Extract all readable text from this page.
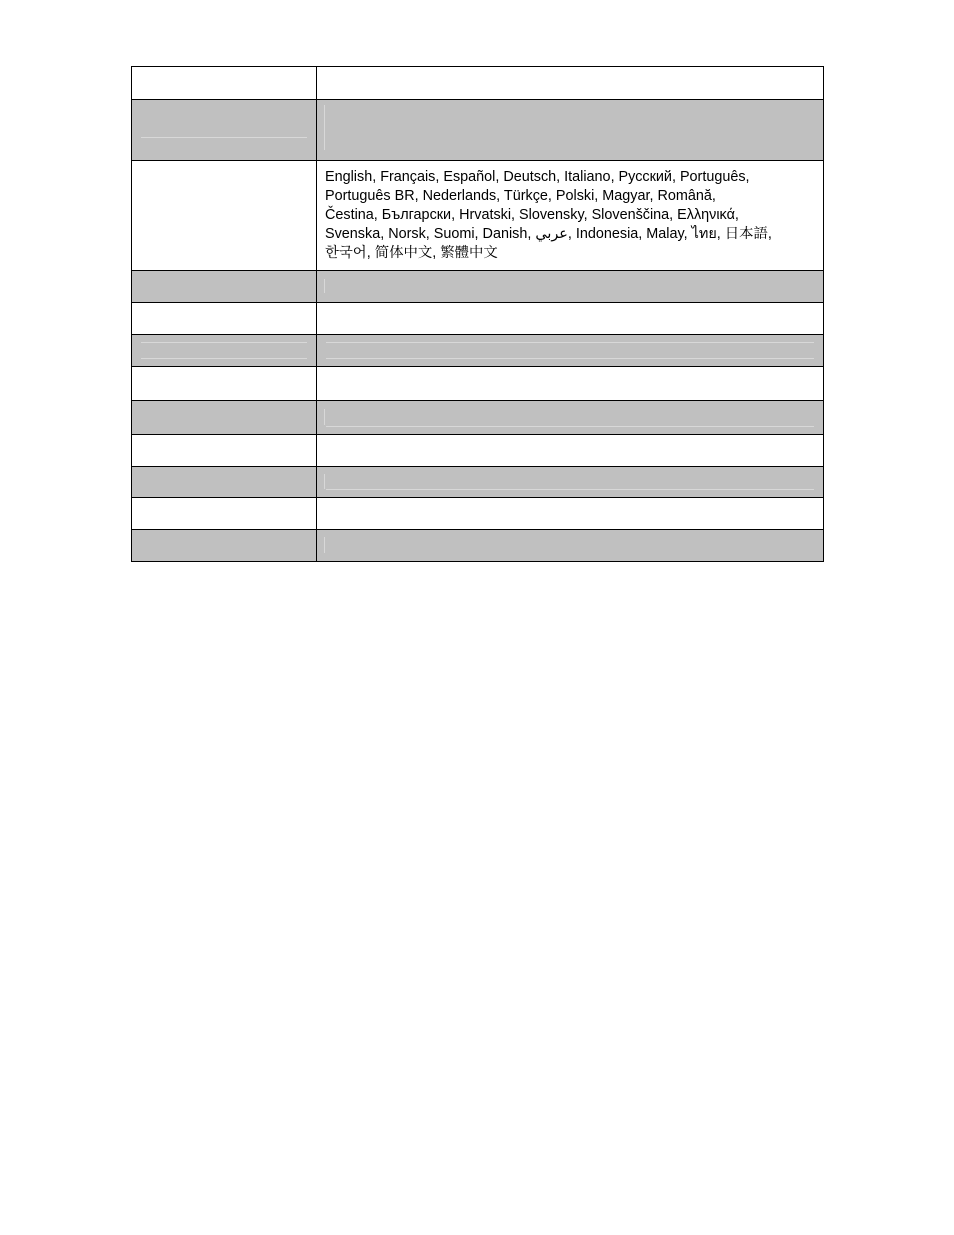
	English, Français, Español, Deutsch, Italiano, Русский, Português,
Português BR, Nederlands, Türkçe, Polski, Magyar, Română,
Čestina, Български, Hrvatski, Slovensky, Slovenščina, Ελληνικά,
Svenska, Norsk, Suomi, Danish, عربي, Indonesia, Malay, ไทย, 日本語,
한국어, 简体中文, 繁體中文
